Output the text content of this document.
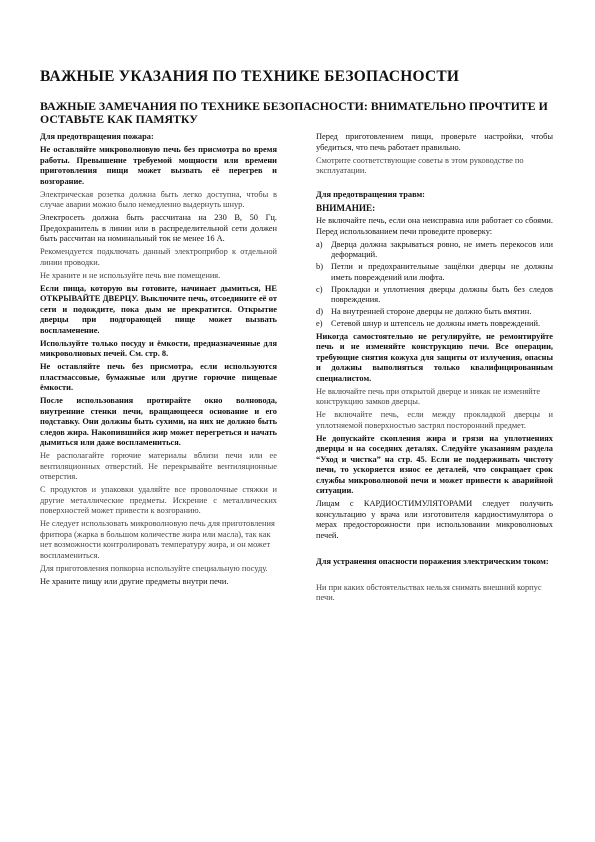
ВАЖНЫЕ УКАЗАНИЯ ПО ТЕХНИКЕ БЕЗОПАСНОСТИ
ВАЖНЫЕ ЗАМЕЧАНИЯ ПО ТЕХНИКЕ БЕЗОПАСНОСТИ: ВНИМАТЕЛЬНО ПРОЧТИТЕ И ОСТАВЬТЕ КАК ПАМЯТКУ

Для предотвращения пожара:

Не оставляйте микроволновую печь без присмотра во время работы. Превышение требуемой мощности или времени приготовления пищи может вызвать её перегрев и возгорание.

Электрическая розетка должна быть легко доступна, чтобы в случае аварии можно было немедленно выдернуть шнур.

Электросеть должна быть рассчитана на 230 В, 50 Гц. Предохранитель в линии или в распределительной сети должен быть рассчитан на номинальный ток не менее 16 А.

Рекомендуется подключать данный электроприбор к отдельной линии проводки.

Не храните и не используйте печь вне помещения.

Если пища, которую вы готовите, начинает дымиться, НЕ ОТКРЫВАЙТЕ ДВЕРЦУ. Выключите печь, отсоедините её от сети и подождите, пока дым не прекратится. Открытие дверцы при подгорающей пище может вызвать воспламенение.

Используйте только посуду и ёмкости, предназначенные для микроволновых печей. См. стр. 8.

Не оставляйте печь без присмотра, если используются пластмассовые, бумажные или другие горючие пищевые ёмкости.

После использования протирайте окно волновода, внутренние стенки печи, вращающееся основание и его подставку. Они должны быть сухими, на них не должно быть следов жира. Накопившийся жир может перегреться и начать дымиться или даже воспламениться.

Не располагайте горючие материалы вблизи печи или ее вентиляционных отверстий. Не перекрывайте вентиляционные отверстия.

С продуктов и упаковки удаляйте все проволочные стяжки и другие металлические предметы. Искрение с металлических поверхностей может привести к возгоранию.

Не следует использовать микроволновую печь для приготовления фритюра (жарка в большом количестве жира или масла), так как нет возможности контролировать температуру жира, и он может воспламениться.

Для приготовления попкорна используйте специальную посуду.

Не храните пищу или другие предметы внутри печи.

Перед приготовлением пищи, проверьте настройки, чтобы убедиться, что печь работает правильно.

Смотрите соответствующие советы в этом руководстве по эксплуатации.

Для предотвращения травм:

ВНИМАНИЕ:

Не включайте печь, если она неисправна или работает со сбоями. Перед использованием печи проведите проверку:

a)	Дверца должна закрываться ровно, не иметь перекосов или деформаций.
b) Петли и предохранительные защёлки дверцы не должны иметь повреждений или люфта.
c)	Прокладки и уплотнения дверцы должны быть без следов повреждения.
d) На внутренней стороне дверцы не должно быть вмятин.
e)	Сетевой шнур и штепсель не должны иметь повреждений.

Никогда самостоятельно не регулируйте, не ремонтируйте печь и не изменяйте конструкцию печи. Все операции, требующие снятия кожуха для защиты от излучения, опасны и должны выполняться только квалифицированным специалистом.

Не включайте печь при открытой дверце и никак не изменяйте конструкцию замков дверцы.

Не включайте печь, если между прокладкой дверцы и уплотняемой поверхностью застрял посторонний предмет.

Не допускайте скопления жира и грязи на уплотнениях дверцы и на соседних деталях. Следуйте указаниям раздела “Уход и чистка” на стр. 45. Если не поддерживать чистоту печи, то ускоряется износ ее деталей, что сокращает срок службы микроволновой печи и может привести к аварийной ситуации.

Лицам с КАРДИОСТИМУЛЯТОРАМИ следует получить консультацию у врача или изготовителя кардиостимулятора о мерах предосторожности при использовании микроволновых печей.

Для устранения опасности поражения электрическим током:

Ни при каких обстоятельствах нельзя снимать внешний корпус печи.
